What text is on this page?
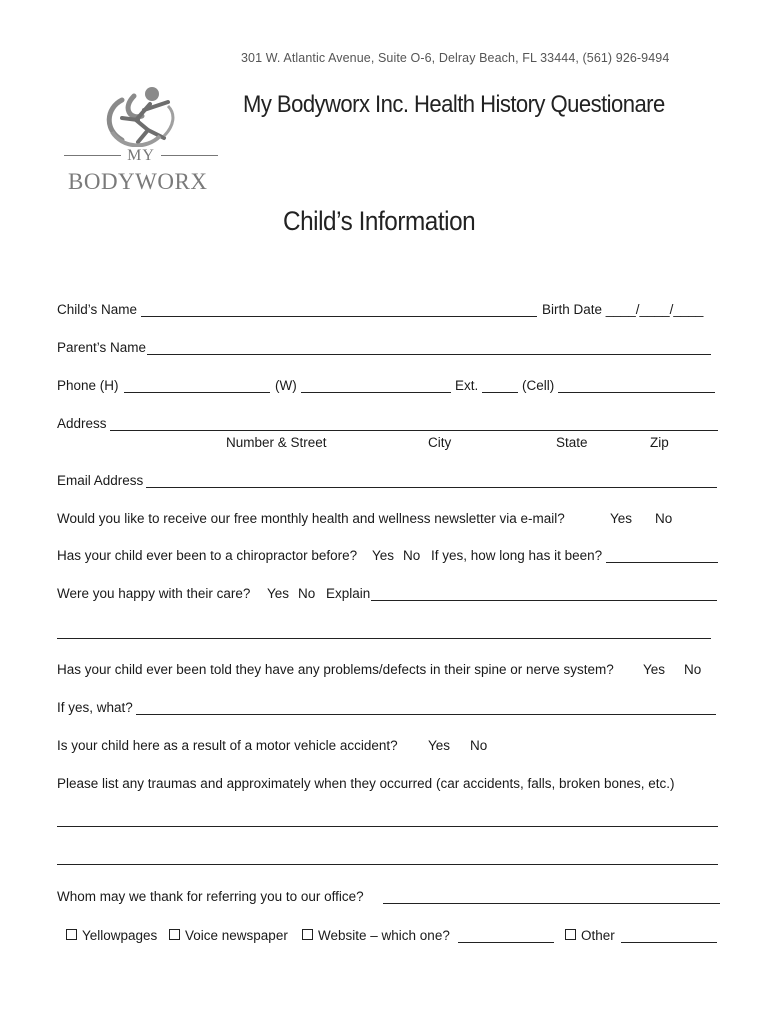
301 W. Atlantic Avenue, Suite O-6, Delray Beach, FL 33444, (561) 926-9494
MY
BODYWORX
My Bodyworx Inc. Health History Questionare
Child’s Information
Child’s Name	Birth Date ____/____/____
Parent’s Name
Phone (H)	(W)	Ext.	(Cell)
Address
Number & Street	City	State	Zip
Email Address
Would you like to receive our free monthly health and wellness newsletter via e-mail?	Yes No
Has your child ever been to a chiropractor before? Yes No If yes, how long has it been?
Were you happy with their care? Yes No Explain
Has your child ever been told they have any problems/defects in their spine or nerve system? Yes No
If yes, what?
Is your child here as a result of a motor vehicle accident? Yes No
Please list any traumas and approximately when they occurred (car accidents, falls, broken bones, etc.)
Whom may we thank for referring you to our office?
Yellowpages	Voice newspaper	Website – which one?	Other
